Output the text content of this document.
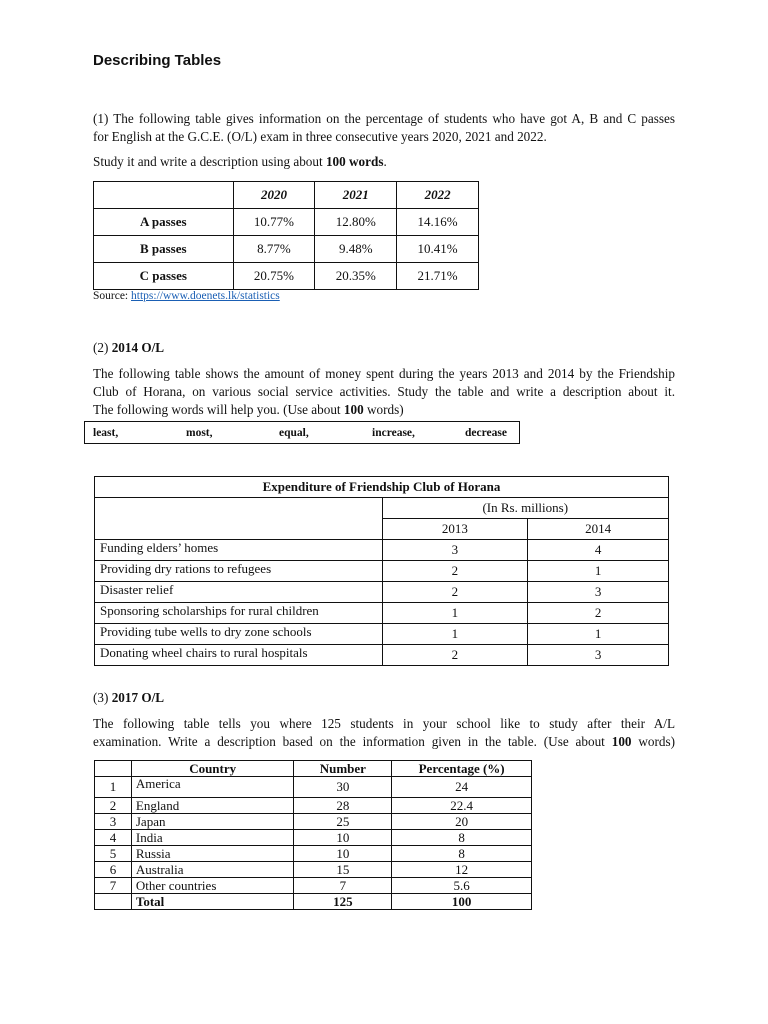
Describing Tables
(1) The following table gives information on the percentage of students who have got A, B and C passes
for English at the G.C.E. (O/L) exam in three consecutive years 2020, 2021 and 2022.
Study it and write a description using about 100 words.
	2020	2021	2022
A passes	10.77%	12.80%	14.16%
B passes	8.77%	9.48%	10.41%
C passes	20.75%	20.35%	21.71%
Source: https://www.doenets.lk/statistics
(2) 2014 O/L
The following table shows the amount of money spent during the years 2013 and 2014 by the Friendship
Club of Horana, on various social service activities. Study the table and write a description about it.
The following words will help you. (Use about 100 words)
least,	most,	equal,	increase,	decrease
Expenditure of Friendship Club of Horana		
	(In Rs. millions)	
	2013	2014
Funding elders’ homes	3	4
Providing dry rations to refugees	2	1
Disaster relief	2	3
Sponsoring scholarships for rural children	1	2
Providing tube wells to dry zone schools	1	1
Donating wheel chairs to rural hospitals	2	3
(3) 2017 O/L
The following table tells you where 125 students in your school like to study after their A/L
examination. Write a description based on the information given in the table. (Use about 100 words)
	Country	Number	Percentage (%)
1	America	30	24
2	England	28	22.4
3	Japan	25	20
4	India	10	8
5	Russia	10	8
6	Australia	15	12
7	Other countries	7	5.6
	Total	125	100
